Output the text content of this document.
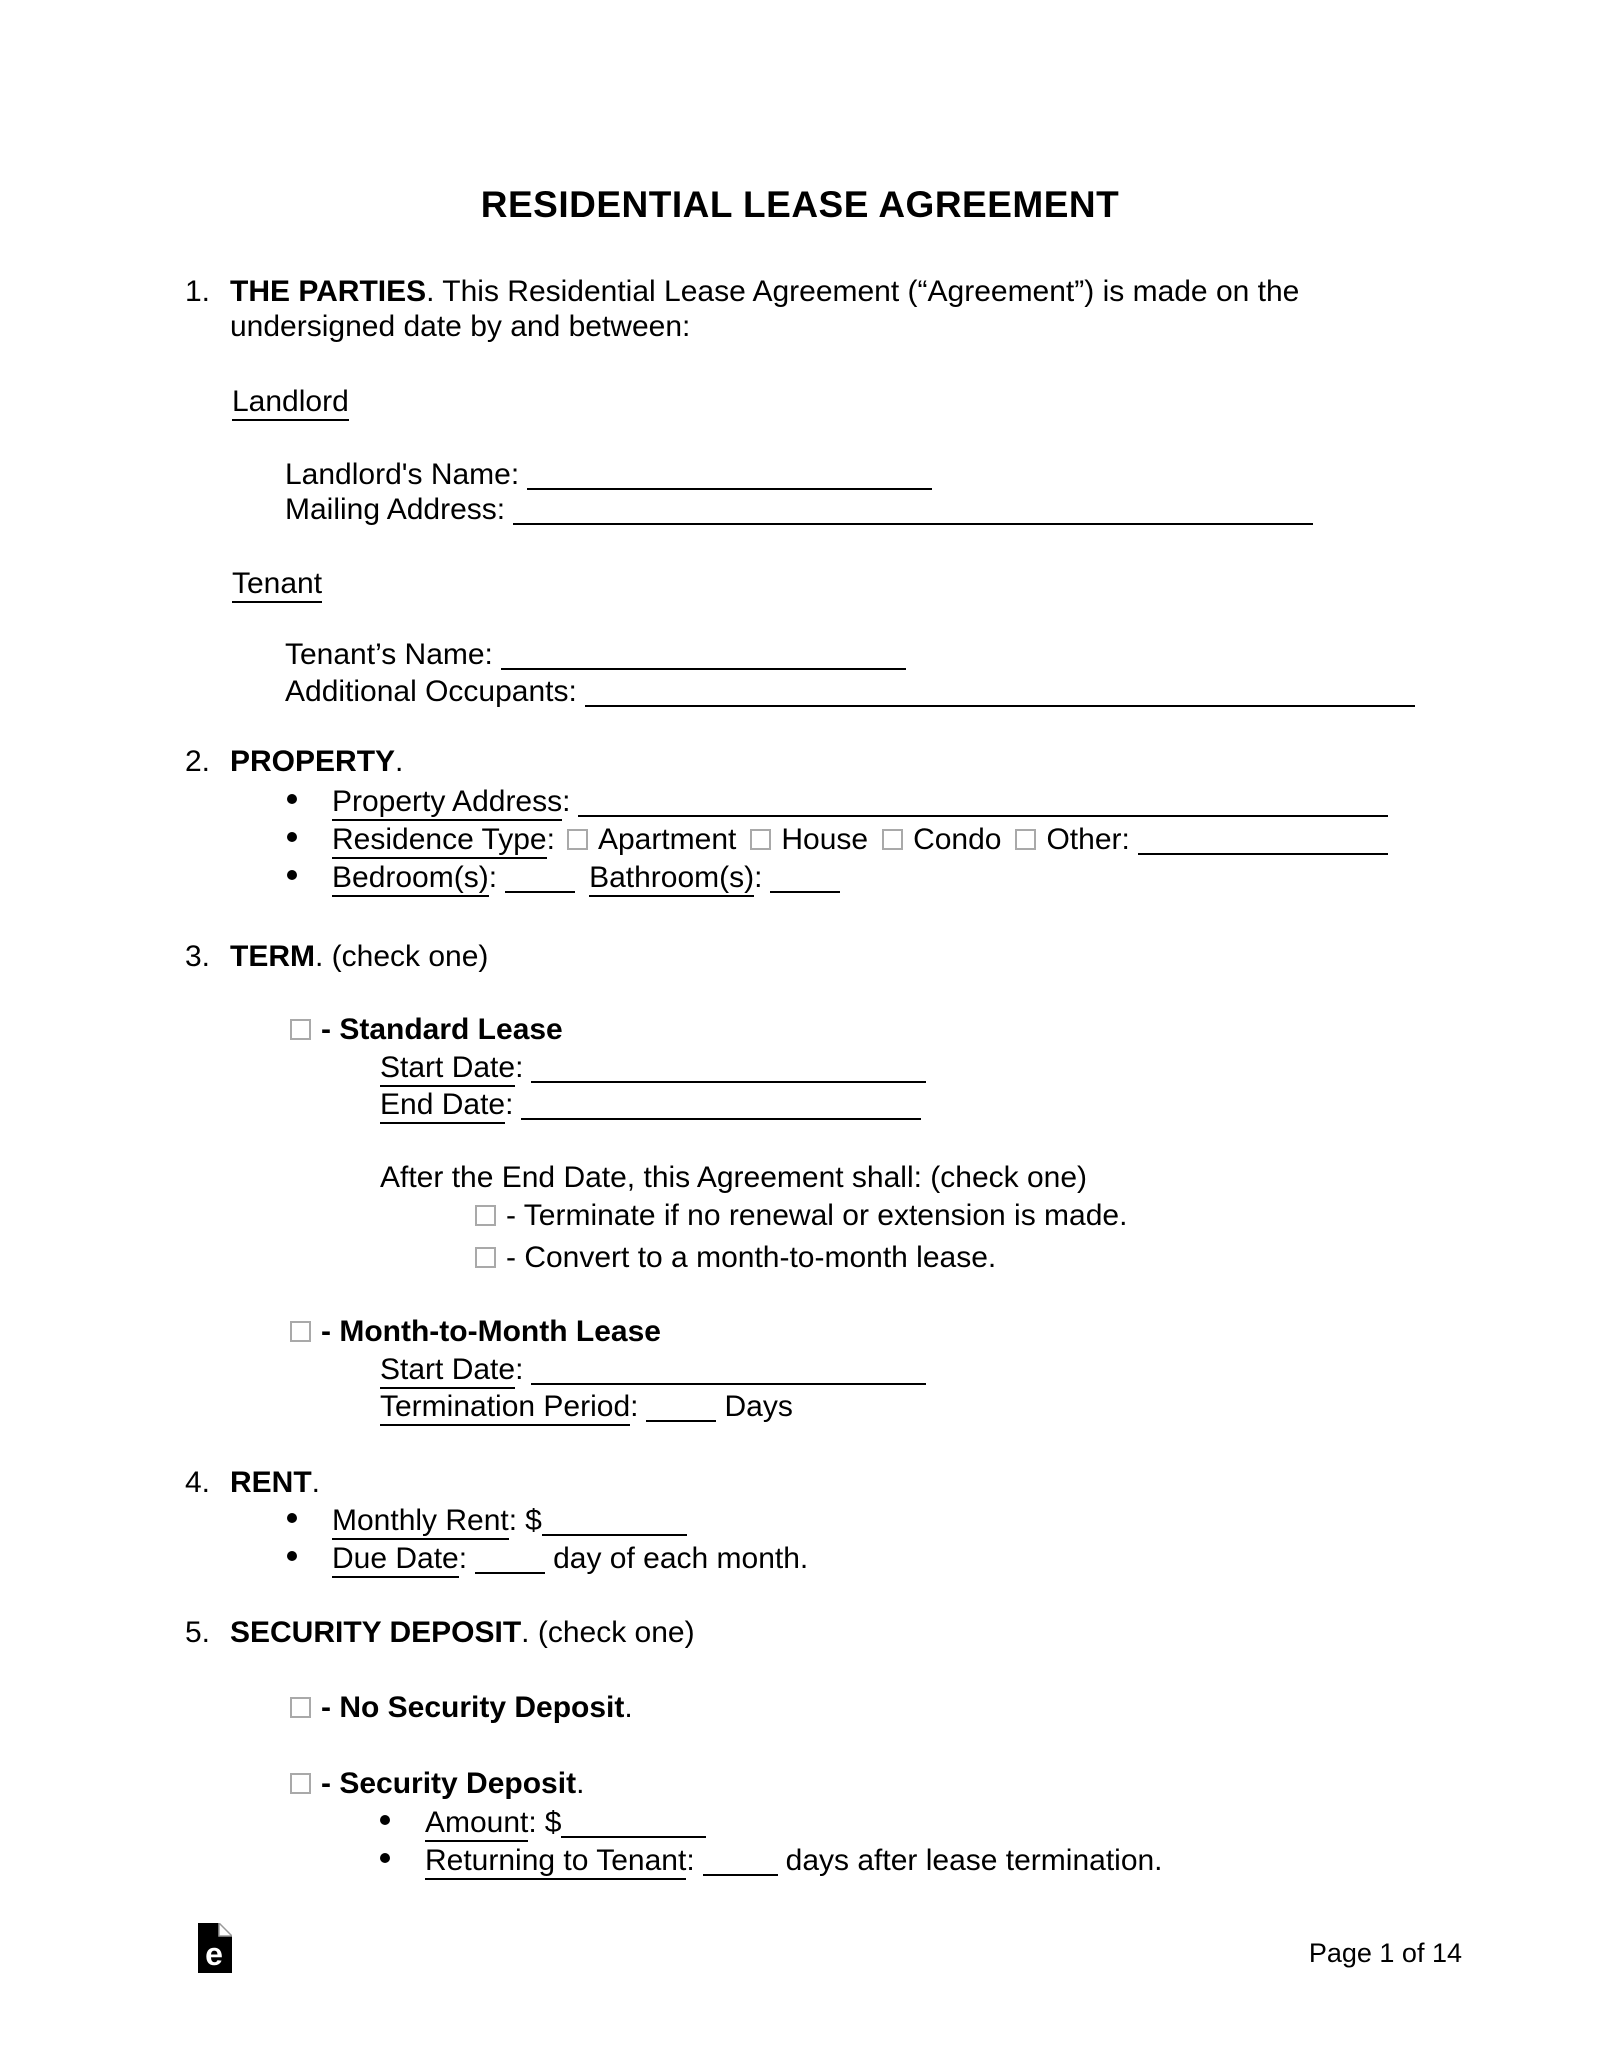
RESIDENTIAL LEASE AGREEMENT
1. THE PARTIES. This Residential Lease Agreement (“Agreement”) is made on the
undersigned date by and between:
Landlord
Landlord's Name:
Mailing Address:
Tenant
Tenant’s Name:
Additional Occupants:
2. PROPERTY.
Property Address:
Residence Type: Apartment House Condo Other:
Bedroom(s):	Bathroom(s):
3. TERM. (check one)
- Standard Lease
Start Date:
End Date:
After the End Date, this Agreement shall: (check one)
- Terminate if no renewal or extension is made.
- Convert to a month-to-month lease.
- Month-to-Month Lease
Start Date:
Termination Period:	Days
4. RENT.
Monthly Rent: $
Due Date:	day of each month.
5. SECURITY DEPOSIT. (check one)
- No Security Deposit.
- Security Deposit.
Amount: $
Returning to Tenant:	days after lease termination.
e	Page 1 of 14
